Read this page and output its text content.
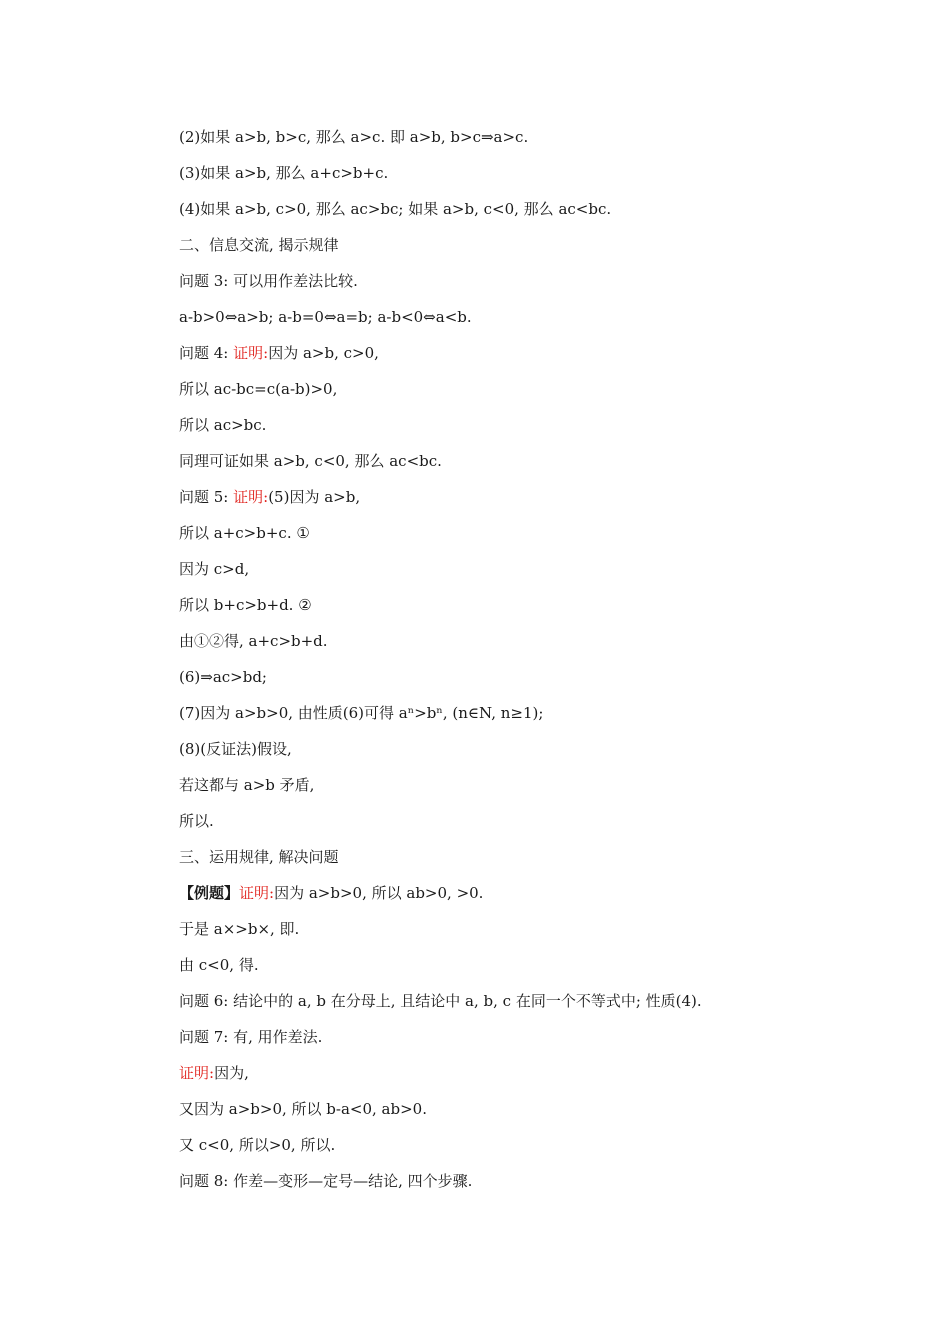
(2)如果 a>b, b>c, 那么 a>c. 即 a>b, b>c⇒a>c.
(3)如果 a>b, 那么 a+c>b+c.
(4)如果 a>b, c>0, 那么 ac>bc; 如果 a>b, c<0, 那么 ac<bc.
二、信息交流, 揭示规律
问题 3: 可以用作差法比较.
a-b>0⇔a>b; a-b=0⇔a=b; a-b<0⇔a<b.
问题 4: 证明:因为 a>b, c>0,
所以 ac-bc=c(a-b)>0,
所以 ac>bc.
同理可证如果 a>b, c<0, 那么 ac<bc.
问题 5: 证明:(5)因为 a>b,
所以 a+c>b+c. ①
因为 c>d,
所以 b+c>b+d. ②
由①②得, a+c>b+d.
(6)⇒ac>bd;
(7)因为 a>b>0, 由性质(6)可得 aⁿ>bⁿ, (n∈N, n≥1);
(8)(反证法)假设,
若这都与 a>b 矛盾,
所以.
三、运用规律, 解决问题
【例题】证明:因为 a>b>0, 所以 ab>0, >0.
于是 a×>b×, 即.
由 c<0, 得.
问题 6: 结论中的 a, b 在分母上, 且结论中 a, b, c 在同一个不等式中; 性质(4).
问题 7: 有, 用作差法.
证明:因为,
又因为 a>b>0, 所以 b-a<0, ab>0.
又 c<0, 所以>0, 所以.
问题 8: 作差—变形—定号—结论, 四个步骤.
